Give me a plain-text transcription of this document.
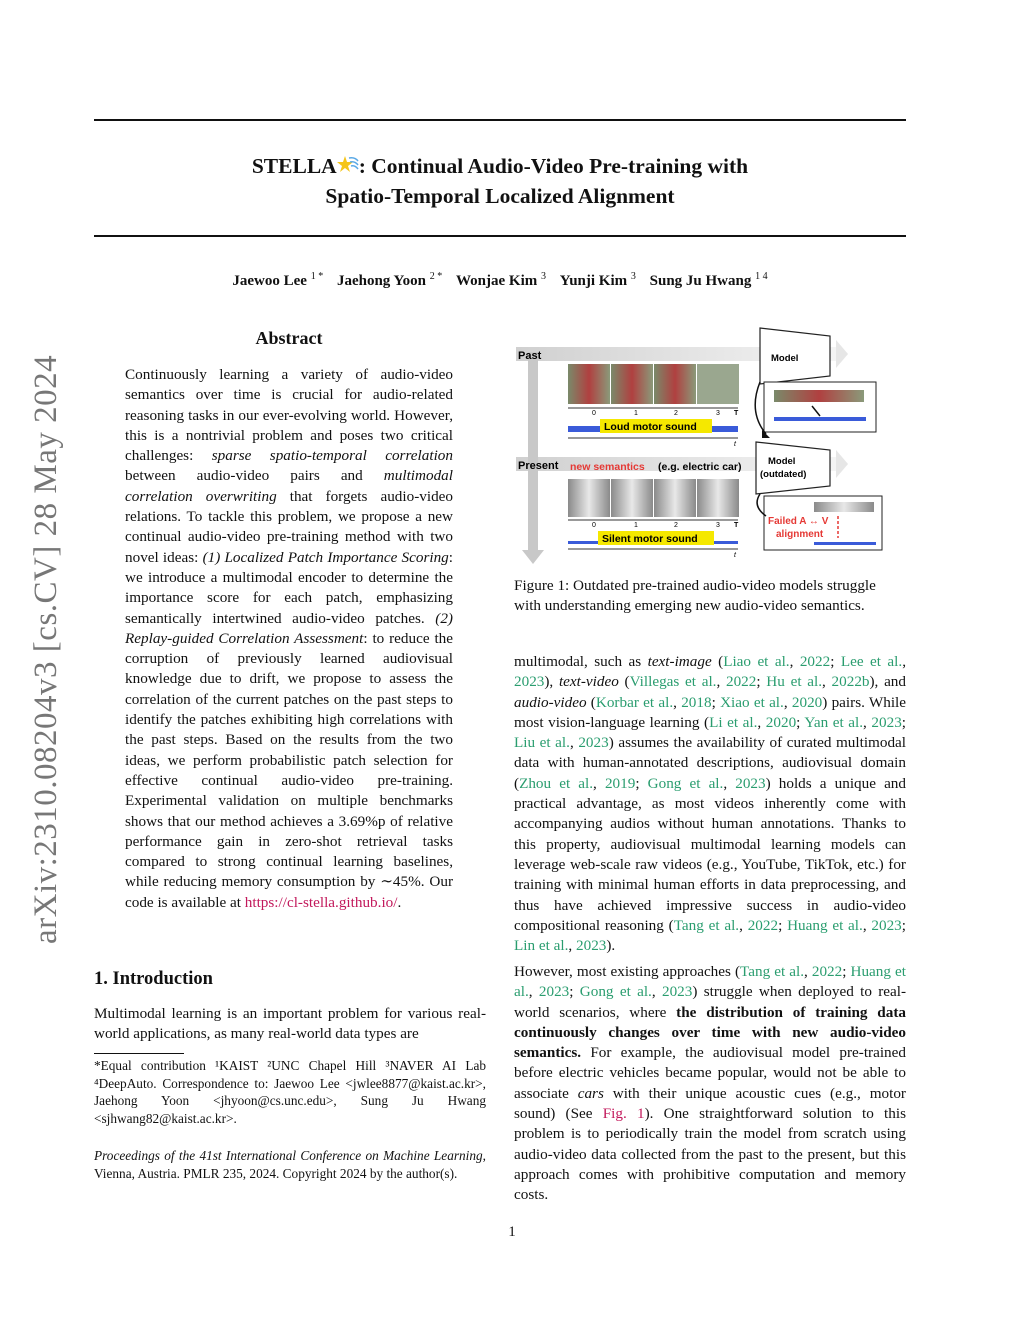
arXiv:2310.08204v3 [cs.CV] 28 May 2024
STELLA : Continual Audio-Video Pre-training with
Spatio-Temporal Localized Alignment
Jaewoo Lee $^{1 *}$ Jaehong Yoon $^{2 *}$ Wonjae Kim $^3$ Yunji Kim $^3$ Sung Ju Hwang $^{1 4}$
Abstract
Continuously learning a variety of audio-video semantics over time is crucial for audio-related reasoning tasks in our ever-evolving world. However, this is a nontrivial problem and poses two critical challenges: sparse spatio-temporal correlation between audio-video pairs and multimodal correlation overwriting that forgets audio-video relations. To tackle this problem, we propose a new continual audio-video pre-training method with two novel ideas: (1) Localized Patch Importance Scoring: we introduce a multimodal encoder to determine the importance score for each patch, emphasizing semantically intertwined audio-video patches. (2) Replay-guided Correlation Assessment: to reduce the corruption of previously learned audiovisual knowledge due to drift, we propose to assess the correlation of the current patches on the past steps to identify the patches exhibiting high correlations with the past steps. Based on the results from the two ideas, we perform probabilistic patch selection for effective continual audio-video pre-training. Experimental validation on multiple benchmarks shows that our method achieves a 3.69%p of relative performance gain in zero-shot retrieval tasks compared to strong continual learning baselines, while reducing memory consumption by ∼45%. Our code is available at https://cl-stella.github.io/.
1. Introduction
Multimodal learning is an important problem for various real-world applications, as many real-world data types are
*Equal contribution ¹KAIST ²UNC Chapel Hill ³NAVER AI Lab ⁴DeepAuto. Correspondence to: Jaewoo Lee <jwlee8877@kaist.ac.kr>, Jaehong Yoon <jhyoon@cs.unc.edu>, Sung Ju Hwang <sjhwang82@kaist.ac.kr>.
Proceedings of the 41st International Conference on Machine Learning, Vienna, Austria. PMLR 235, 2024. Copyright 2024 by the author(s).
Past
Present
Model
0	1	2	3 T
Loud motor sound
t
Model
(outdated)
new semantics (e.g. electric car)
0	1	2	3 T
Silent motor sound
t
Failed A ↔ V
alignment
Figure 1: Outdated pre-trained audio-video models struggle with understanding emerging new audio-video semantics.
multimodal, such as text-image (Liao et al., 2022; Lee et al., 2023), text-video (Villegas et al., 2022; Hu et al., 2022b), and audio-video (Korbar et al., 2018; Xiao et al., 2020) pairs. While most vision-language learning (Li et al., 2020; Yan et al., 2023; Liu et al., 2023) assumes the availability of curated multimodal data with human-annotated descriptions, audiovisual domain (Zhou et al., 2019; Gong et al., 2023) holds a unique and practical advantage, as most videos inherently come with accompanying audios without human annotations. Thanks to this property, audiovisual multimodal learning models can leverage web-scale raw videos (e.g., YouTube, TikTok, etc.) for training with minimal human efforts in data preprocessing, and thus have achieved impressive success in audio-video compositional reasoning (Tang et al., 2022; Huang et al., 2023; Lin et al., 2023).
However, most existing approaches (Tang et al., 2022; Huang et al., 2023; Gong et al., 2023) struggle when deployed to real-world scenarios, where the distribution of training data continuously changes over time with new audio-video semantics. For example, the audiovisual model pre-trained before electric vehicles became popular, would not be able to associate cars with their unique acoustic cues (e.g., motor sound) (See Fig. 1). One straightforward solution to this problem is to periodically train the model from scratch using audio-video data collected from the past to the present, but this approach comes with prohibitive computation and memory costs.
1
